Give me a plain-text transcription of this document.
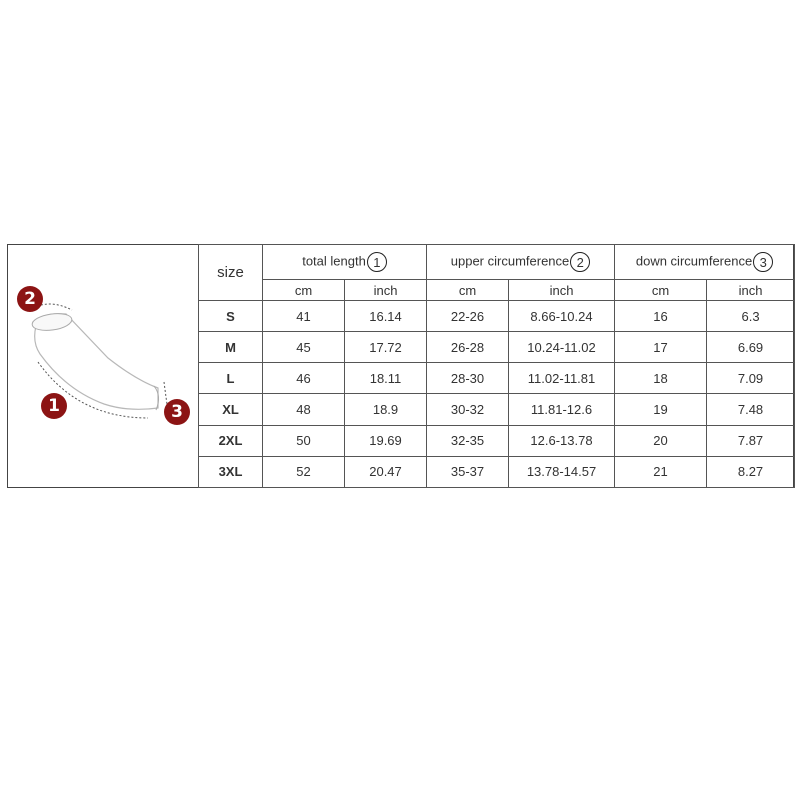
2
1	3
size	total length 1		upper circumference 2		down circumference 3	
	cm	inch	cm	inch	cm	inch
S	41	16.14	22-26	8.66-10.24	16	6.3
M	45	17.72	26-28	10.24-11.02	17	6.69
L	46	18.11	28-30	11.02-11.81	18	7.09
XL	48	18.9	30-32	11.81-12.6	19	7.48
2XL	50	19.69	32-35	12.6-13.78	20	7.87
3XL	52	20.47	35-37	13.78-14.57	21	8.27
